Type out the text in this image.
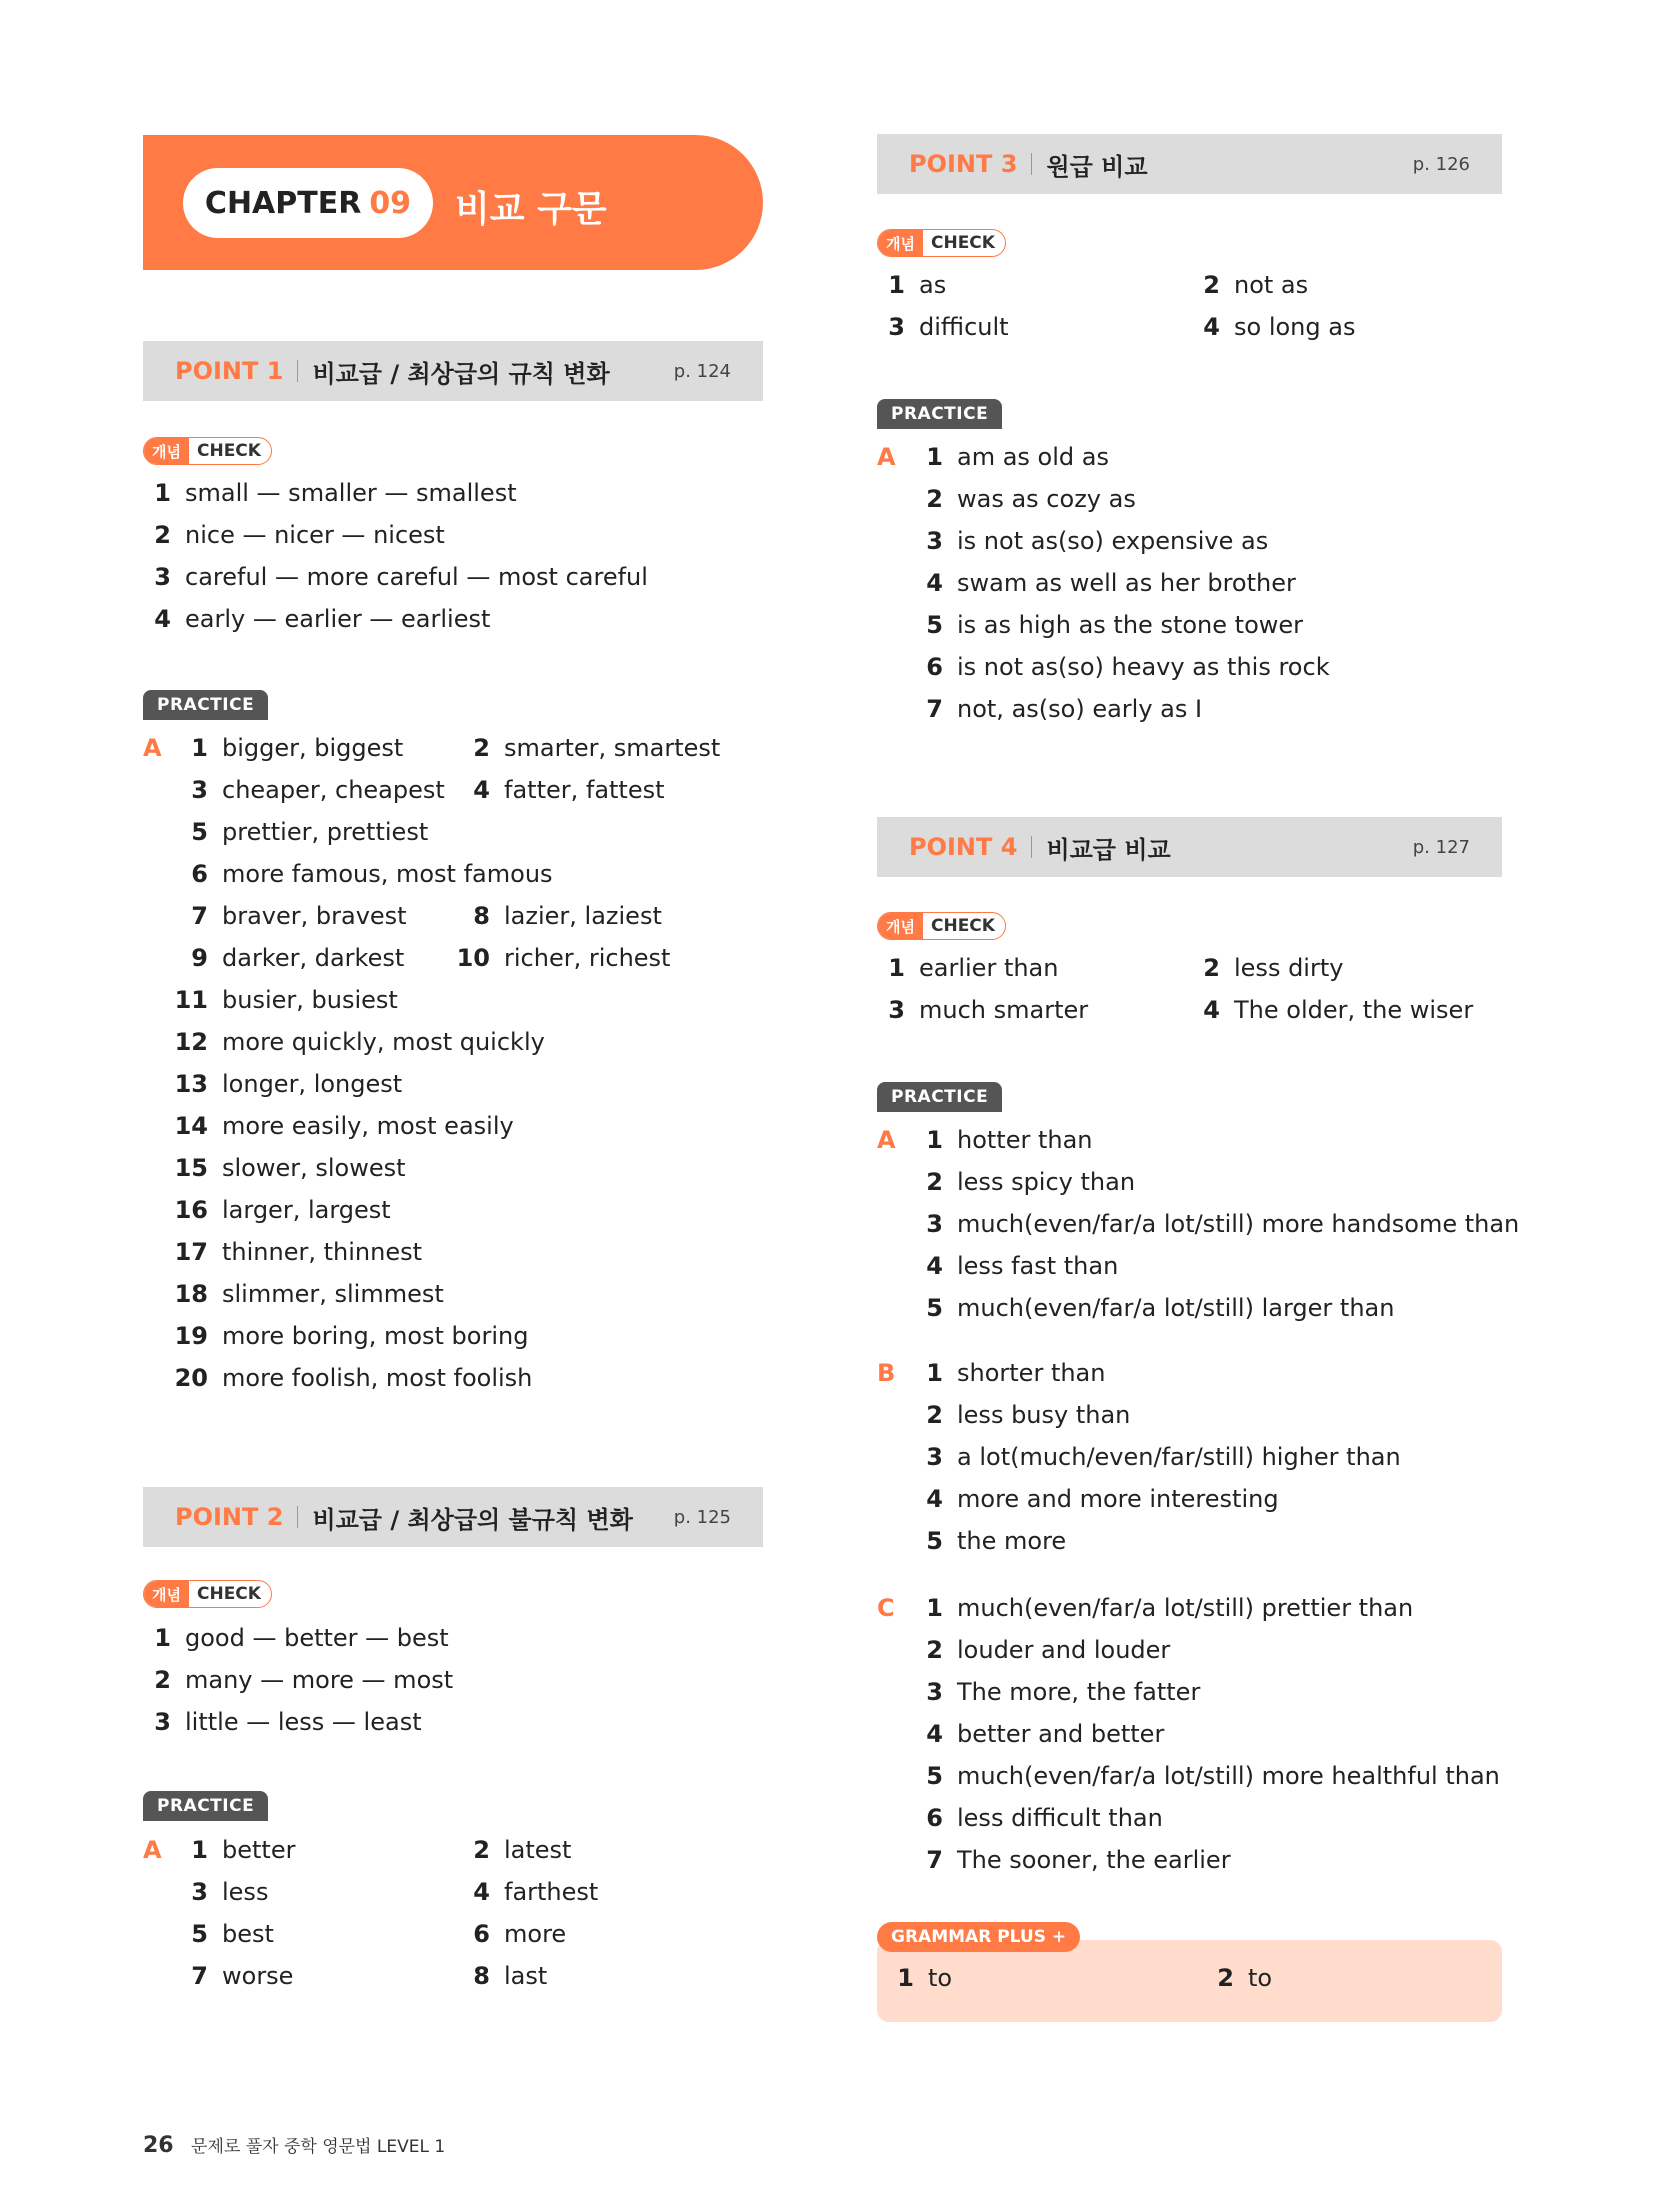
CHAPTER 09 비교 구문
POINT 1 비교급 / 최상급의 규칙 변화	p. 124
개념 CHECK
1 small — smaller — smallest
2 nice — nicer — nicest
3 careful — more careful — most careful
4 early — earlier — earliest
PRACTICE
A	1 bigger, biggest	2 smarter, smartest
3 cheaper, cheapest	4 fatter, fattest
5 prettier, prettiest
6 more famous, most famous
7 braver, bravest	8 lazier, laziest
9 darker, darkest 10 richer, richest
11 busier, busiest
12 more quickly, most quickly
13 longer, longest
14 more easily, most easily
15 slower, slowest
16 larger, largest
17 thinner, thinnest
18 slimmer, slimmest
19 more boring, most boring
20 more foolish, most foolish
POINT 2 비교급 / 최상급의 불규칙 변화 p. 125
개념 CHECK
1 good — better — best
2 many — more — most
3 little — less — least
PRACTICE
A	1 better	2 latest
3 less	4 farthest
5 best	6 more
7 worse	8 last
POINT 3 원급 비교	p. 126
개념 CHECK
1 as	2 not as
3 difficult	4 so long as
PRACTICE
A	1 am as old as
2 was as cozy as
3 is not as(so) expensive as
4 swam as well as her brother
5 is as high as the stone tower
6 is not as(so) heavy as this rock
7 not, as(so) early as I
POINT 4 비교급 비교	p. 127
개념 CHECK
1 earlier than	2 less dirty
3 much smarter	4 The older, the wiser
PRACTICE
A	1 hotter than
2 less spicy than
3 much(even/far/a lot/still) more handsome than
4 less fast than
5 much(even/far/a lot/still) larger than
B	1 shorter than
2 less busy than
3 a lot(much/even/far/still) higher than
4 more and more interesting
5 the more
C	1 much(even/far/a lot/still) prettier than
2 louder and louder
3 The more, the fatter
4 better and better
5 much(even/far/a lot/still) more healthful than
6 less difficult than
7 The sooner, the earlier
GRAMMAR PLUS +
1 to	2 to
26 문제로 풀자 중학 영문법 LEVEL 1
